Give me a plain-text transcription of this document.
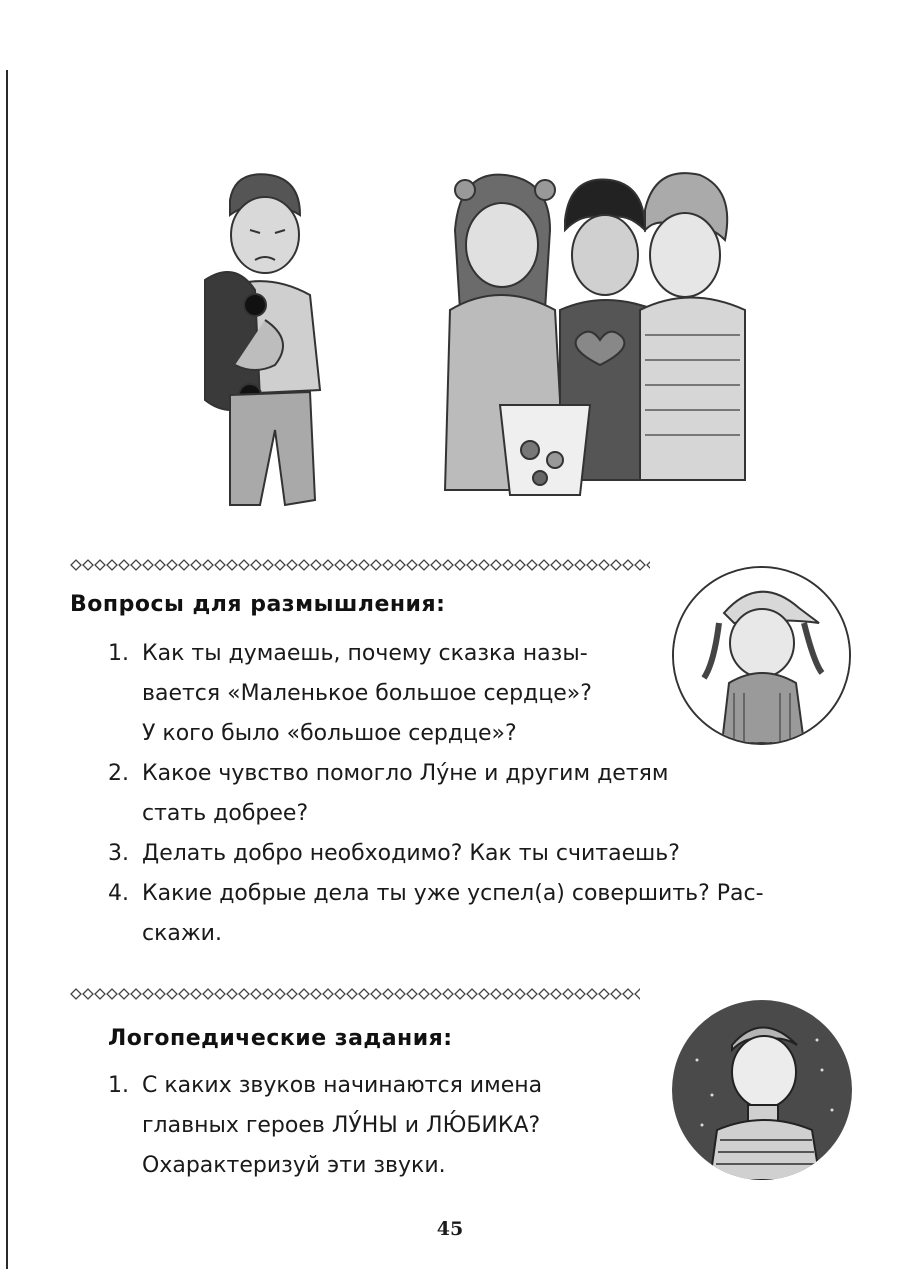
Вопросы для размышления:
1. Как ты думаешь, почему сказка назы-
вается «Маленькое большое сердце»?
У кого было «большое сердце»?
2. Какое чувство помогло Лу́не и другим детям
стать добрее?
3. Делать добро необходимо? Как ты считаешь?
4. Какие добрые дела ты уже успел(а) совершить? Рас-
скажи.
Логопедические задания:
1. С каких звуков начинаются имена
главных героев ЛУ́НЫ и ЛЮ́БИКА?
Охарактеризуй эти звуки.
45
